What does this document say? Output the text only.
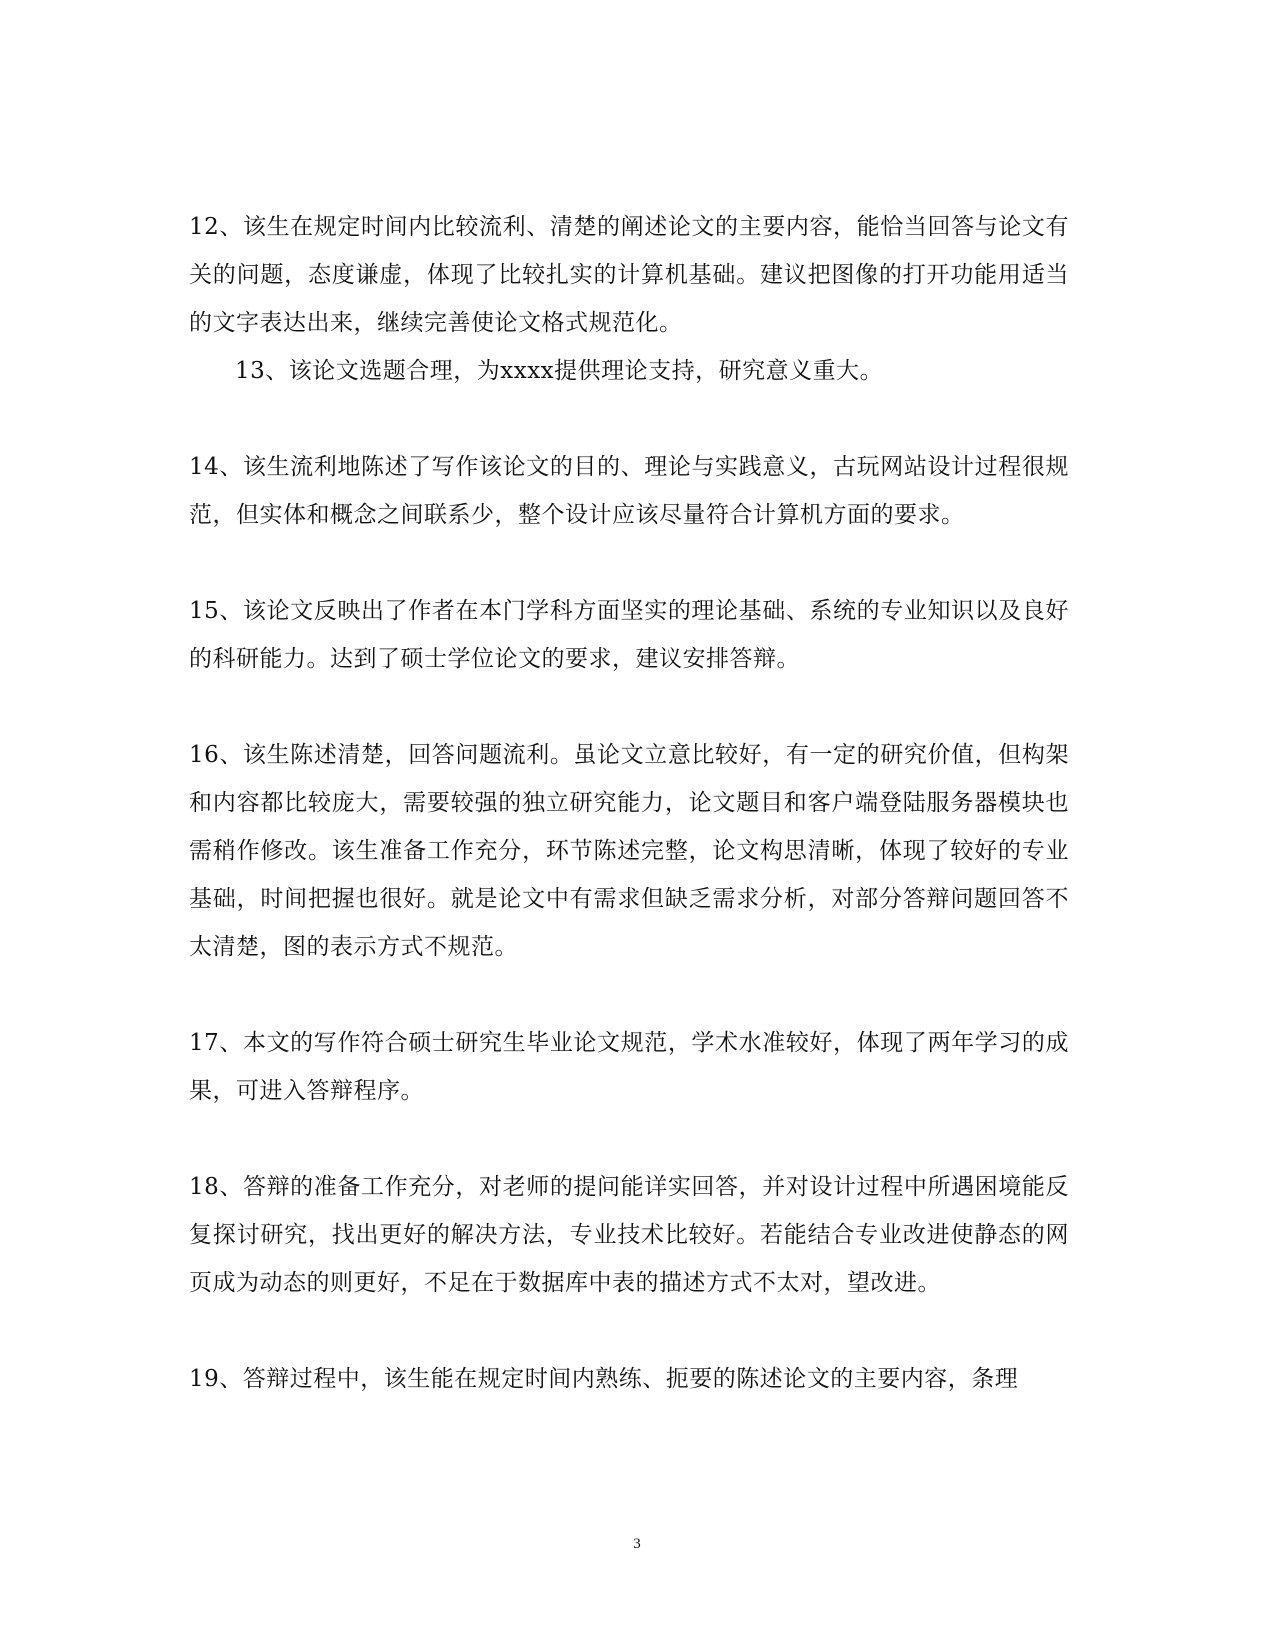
12、该生在规定时间内比较流利、清楚的阐述论文的主要内容，能恰当回答与论文有关的问题，态度谦虚，体现了比较扎实的计算机基础。建议把图像的打开功能用适当的文字表达出来，继续完善使论文格式规范化。

13、该论文选题合理，为xxxx提供理论支持，研究意义重大。

14、该生流利地陈述了写作该论文的目的、理论与实践意义，古玩网站设计过程很规范，但实体和概念之间联系少，整个设计应该尽量符合计算机方面的要求。

15、该论文反映出了作者在本门学科方面坚实的理论基础、系统的专业知识以及良好的科研能力。达到了硕士学位论文的要求，建议安排答辩。

16、该生陈述清楚，回答问题流利。虽论文立意比较好，有一定的研究价值，但构架和内容都比较庞大，需要较强的独立研究能力，论文题目和客户端登陆服务器模块也需稍作修改。该生准备工作充分，环节陈述完整，论文构思清晰，体现了较好的专业基础，时间把握也很好。就是论文中有需求但缺乏需求分析，对部分答辩问题回答不太清楚，图的表示方式不规范。

17、本文的写作符合硕士研究生毕业论文规范，学术水准较好，体现了两年学习的成果，可进入答辩程序。

18、答辩的准备工作充分，对老师的提问能详实回答，并对设计过程中所遇困境能反复探讨研究，找出更好的解决方法，专业技术比较好。若能结合专业改进使静态的网页成为动态的则更好，不足在于数据库中表的描述方式不太对，望改进。

19、答辩过程中，该生能在规定时间内熟练、扼要的陈述论文的主要内容，条理

3
